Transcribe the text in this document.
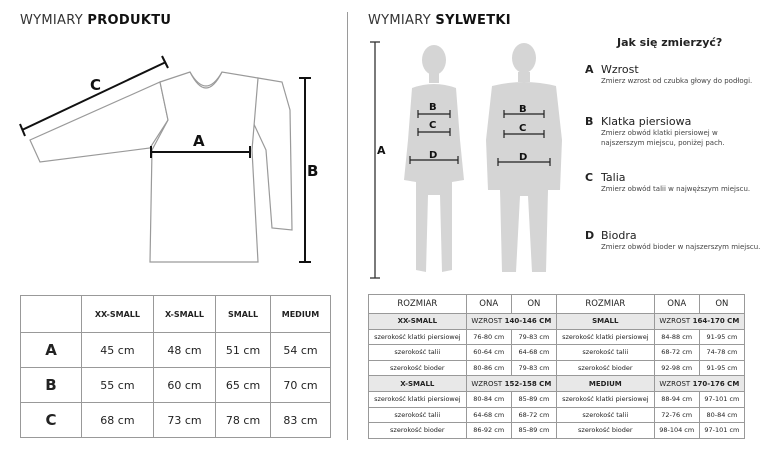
WYMIARY PRODUKTU	WYMIARY SYLWETKI
C
A
B
A
B
C
D
B
C
D
Jak się zmierzyć?
A Wzrost
Zmierz wzrost od czubka głowy do podłogi.
B Klatka piersiowa
Zmierz obwód klatki piersiowej w najszerszym miejscu, poniżej pach.
C Talia
Zmierz obwód talii w najwęższym miejscu.
D Biodra
Zmierz obwód bioder w najszerszym miejscu.
	XX-SMALL	X-SMALL	SMALL	MEDIUM
A	45 cm	48 cm	51 cm	54 cm
B	55 cm	60 cm	65 cm	70 cm
C	68 cm	73 cm	78 cm	83 cm
ROZMIAR	ONA	ON	ROZMIAR	ONA	ON
XX-SMALL	WZROST 140-146 CM		SMALL	WZROST 164-170 CM	
szerokość klatki piersiowej	76-80 cm	79-83 cm	szerokość klatki piersiowej	84-88 cm	91-95 cm
szerokość talii	60-64 cm	64-68 cm	szerokość talii	68-72 cm	74-78 cm
szerokość bioder	80-86 cm	79-83 cm	szerokość bioder	92-98 cm	91-95 cm
X-SMALL	WZROST 152-158 CM		MEDIUM	WZROST 170-176 CM	
szerokość klatki piersiowej	80-84 cm	85-89 cm	szerokość klatki piersiowej	88-94 cm	97-101 cm
szerokość talii	64-68 cm	68-72 cm	szerokość talii	72-76 cm	80-84 cm
szerokość bioder	86-92 cm	85-89 cm	szerokość bioder	98-104 cm	97-101 cm
